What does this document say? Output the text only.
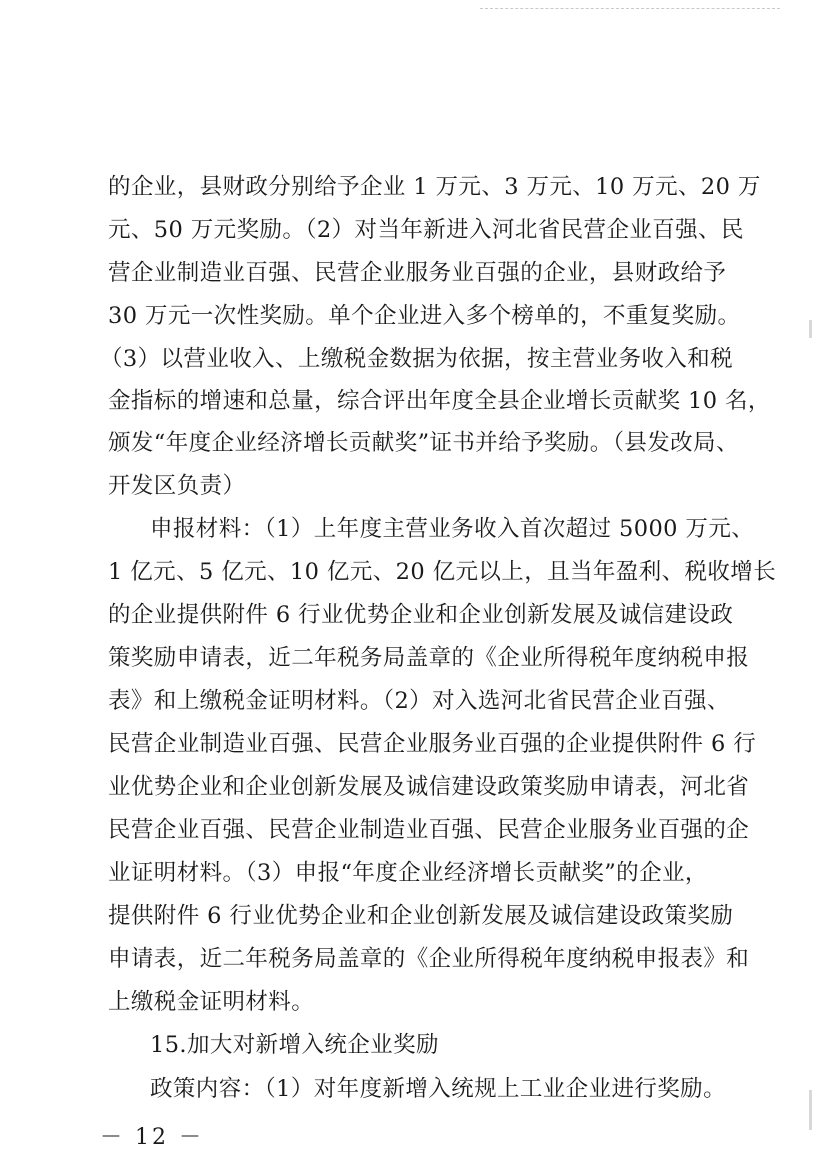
的企业，县财政分别给予企业 1 万元、3 万元、10 万元、20 万
元、50 万元奖励。（2）对当年新进入河北省民营企业百强、民
营企业制造业百强、民营企业服务业百强的企业，县财政给予
30 万元一次性奖励。单个企业进入多个榜单的，不重复奖励。
（3）以营业收入、上缴税金数据为依据，按主营业务收入和税
金指标的增速和总量，综合评出年度全县企业增长贡献奖 10 名，
颁发“年度企业经济增长贡献奖”证书并给予奖励。（县发改局、
开发区负责）
申报材料：（1）上年度主营业务收入首次超过 5000 万元、
1 亿元、5 亿元、10 亿元、20 亿元以上，且当年盈利、税收增长
的企业提供附件 6 行业优势企业和企业创新发展及诚信建设政
策奖励申请表，近二年税务局盖章的《企业所得税年度纳税申报
表》和上缴税金证明材料。（2）对入选河北省民营企业百强、
民营企业制造业百强、民营企业服务业百强的企业提供附件 6 行
业优势企业和企业创新发展及诚信建设政策奖励申请表，河北省
民营企业百强、民营企业制造业百强、民营企业服务业百强的企
业证明材料。（3）申报“年度企业经济增长贡献奖”的企业，
提供附件 6 行业优势企业和企业创新发展及诚信建设政策奖励
申请表，近二年税务局盖章的《企业所得税年度纳税申报表》和
上缴税金证明材料。
15.加大对新增入统企业奖励
政策内容：（1）对年度新增入统规上工业企业进行奖励。
－ 12 －
